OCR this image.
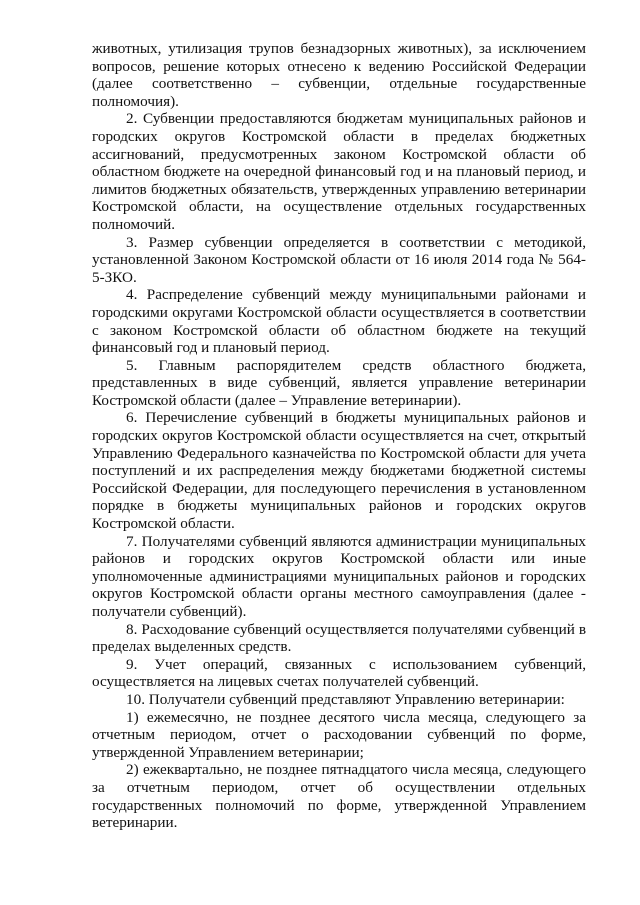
животных, утилизация трупов безнадзорных животных), за исключением вопросов, решение которых отнесено к ведению Российской Федерации (далее соответственно – субвенции, отдельные государственные полномочия).

2. Субвенции предоставляются бюджетам муниципальных районов и городских округов Костромской области в пределах бюджетных ассигнований, предусмотренных законом Костромской области об областном бюджете на очередной финансовый год и на плановый период, и лимитов бюджетных обязательств, утвержденных управлению ветеринарии Костромской области, на осуществление отдельных государственных полномочий.

3. Размер субвенции определяется в соответствии с методикой, установленной Законом Костромской области от 16 июля 2014 года № 564-5-ЗКО.

4. Распределение субвенций между муниципальными районами и городскими округами Костромской области осуществляется в соответствии с законом Костромской области об областном бюджете на текущий финансовый год и плановый период.

5. Главным распорядителем средств областного бюджета, представленных в виде субвенций, является управление ветеринарии Костромской области (далее – Управление ветеринарии).

6. Перечисление субвенций в бюджеты муниципальных районов и городских округов Костромской области осуществляется на счет, открытый Управлению Федерального казначейства по Костромской области для учета поступлений и их распределения между бюджетами бюджетной системы Российской Федерации, для последующего перечисления в установленном порядке в бюджеты муниципальных районов и городских округов Костромской области.

7. Получателями субвенций являются администрации муниципальных районов и городских округов Костромской области или иные уполномоченные администрациями муниципальных районов и городских округов Костромской области органы местного самоуправления (далее - получатели субвенций).

8. Расходование субвенций осуществляется получателями субвенций в пределах выделенных средств.

9. Учет операций, связанных с использованием субвенций, осуществляется на лицевых счетах получателей субвенций.

10. Получатели субвенций представляют Управлению ветеринарии:

1) ежемесячно, не позднее десятого числа месяца, следующего за отчетным периодом, отчет о расходовании субвенций по форме, утвержденной Управлением ветеринарии;

2) ежеквартально, не позднее пятнадцатого числа месяца, следующего за отчетным периодом, отчет об осуществлении отдельных государственных полномочий по форме, утвержденной Управлением ветеринарии.
